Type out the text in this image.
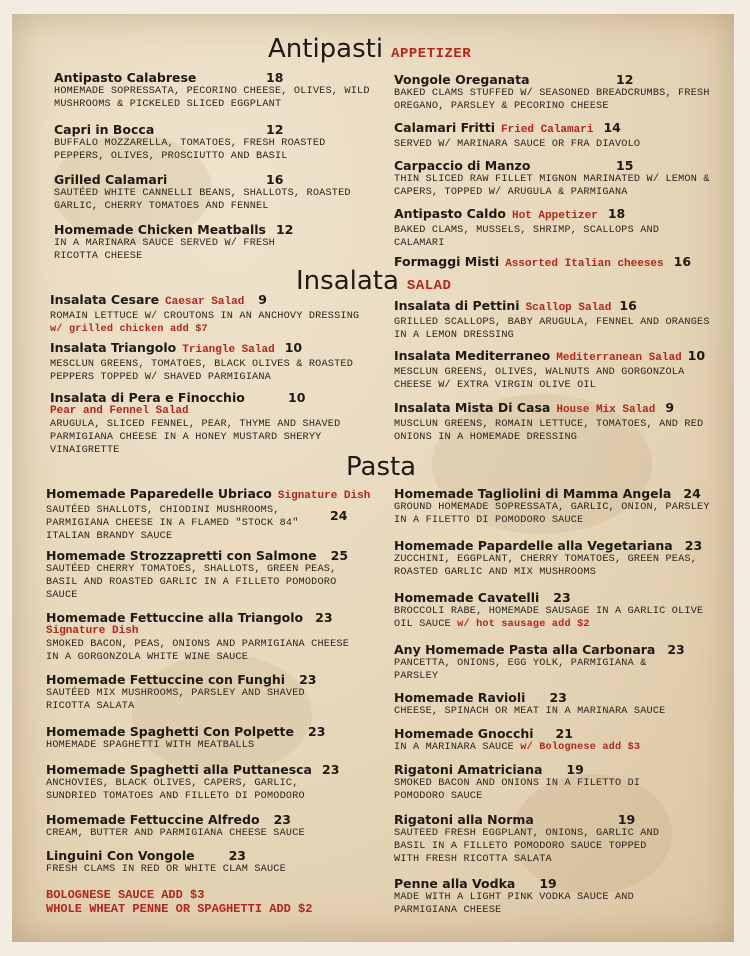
Antipasti APPETIZER
Antipasto Calabrese	18
HOMEMADE SOPRESSATA, PECORINO CHEESE, OLIVES, WILD MUSHROOMS & PICKELED SLICED EGGPLANT
Capri in Bocca	12
BUFFALO MOZZARELLA, TOMATOES, FRESH ROASTED PEPPERS, OLIVES, PROSCIUTTO AND BASIL
Grilled Calamari	16
SAUTÉED WHITE CANNELLI BEANS, SHALLOTS, ROASTED GARLIC, CHERRY TOMATOES AND FENNEL
Homemade Chicken Meatballs 12
IN A MARINARA SAUCE SERVED W/ FRESH RICOTTA CHEESE
Vongole Oreganata	12
BAKED CLAMS STUFFED W/ SEASONED BREADCRUMBS, FRESH OREGANO, PARSLEY & PECORINO CHEESE
Calamari Fritti Fried Calamari 14
SERVED W/ MARINARA SAUCE OR FRA DIAVOLO
Carpaccio di Manzo	15
THIN SLICED RAW FILLET MIGNON MARINATED W/ LEMON & CAPERS, TOPPED W/ ARUGULA & PARMIGANA
Antipasto Caldo Hot Appetizer 18
BAKED CLAMS, MUSSELS, SHRIMP, SCALLOPS AND CALAMARI
Formaggi Misti Assorted Italian cheeses 16
Insalata SALAD
Insalata Cesare Caesar Salad 9
ROMAIN LETTUCE W/ CROUTONS IN AN ANCHOVY DRESSING w/ grilled chicken add $7
Insalata Triangolo Triangle Salad 10
MESCLUN GREENS, TOMATOES, BLACK OLIVES & ROASTED PEPPERS TOPPED W/ SHAVED PARMIGIANA
Insalata di Pera e Finocchio	10
Pear and Fennel Salad
ARUGULA, SLICED FENNEL, PEAR, THYME AND SHAVED PARMIGIANA CHEESE IN A HONEY MUSTARD SHERYY VINAIGRETTE
Insalata di Pettini Scallop Salad 16
GRILLED SCALLOPS, BABY ARUGULA, FENNEL AND ORANGES IN A LEMON DRESSING
Insalata Mediterraneo Mediterranean Salad 10
MESCLUN GREENS, OLIVES, WALNUTS AND GORGONZOLA CHEESE W/ EXTRA VIRGIN OLIVE OIL
Insalata Mista Di Casa House Mix Salad 9
MUSCLUN GREENS, ROMAIN LETTUCE, TOMATOES, AND RED ONIONS IN A HOMEMADE DRESSING
Pasta
Homemade Paparedelle Ubriaco Signature Dish
SAUTÉED SHALLOTS, CHIODINI MUSHROOMS, PARMIGIANA CHEESE IN A FLAMED "STOCK 84" ITALIAN BRANDY SAUCE
24
Homemade Strozzapretti con Salmone 25
SAUTÉED CHERRY TOMATOES, SHALLOTS, GREEN PEAS, BASIL AND ROASTED GARLIC IN A FILLETO POMODORO SAUCE
Homemade Fettuccine alla Triangolo 23
Signature Dish
SMOKED BACON, PEAS, ONIONS AND PARMIGIANA CHEESE IN A GORGONZOLA WHITE WINE SAUCE
Homemade Fettuccine con Funghi 23
SAUTÉED MIX MUSHROOMS, PARSLEY AND SHAVED RICOTTA SALATA
Homemade Spaghetti Con Polpette 23
HOMEMADE SPAGHETTI WITH MEATBALLS
Homemade Spaghetti alla Puttanesca 23
ANCHOVIES, BLACK OLIVES, CAPERS, GARLIC, SUNDRIED TOMATOES AND FILLETO DI POMODORO
Homemade Fettuccine Alfredo 23
CREAM, BUTTER AND PARMIGIANA CHEESE SAUCE
Linguini Con Vongole	23
FRESH CLAMS IN RED OR WHITE CLAM SAUCE
Homemade Tagliolini di Mamma Angela 24
GROUND HOMEMADE SOPRESSATA, GARLIC, ONION, PARSLEY IN A FILETTO DI POMODORO SAUCE
Homemade Papardelle alla Vegetariana 23
ZUCCHINI, EGGPLANT, CHERRY TOMATOES, GREEN PEAS, ROASTED GARLIC AND MIX MUSHROOMS
Homemade Cavatelli 23
BROCCOLI RABE, HOMEMADE SAUSAGE IN A GARLIC OLIVE OIL SAUCE w/ hot sausage add $2
Any Homemade Pasta alla Carbonara 23
PANCETTA, ONIONS, EGG YOLK, PARMIGIANA & PARSLEY
Homemade Ravioli 23
CHEESE, SPINACH OR MEAT IN A MARINARA SAUCE
Homemade Gnocchi 21
IN A MARINARA SAUCE w/ Bolognese add $3
Rigatoni Amatriciana 19
SMOKED BACON AND ONIONS IN A FILETTO DI POMODORO SAUCE
Rigatoni alla Norma	19
SAUTEED FRESH EGGPLANT, ONIONS, GARLIC AND BASIL IN A FILLETO POMODORO SAUCE TOPPED WITH FRESH RICOTTA SALATA
Penne alla Vodka 19
MADE WITH A LIGHT PINK VODKA SAUCE AND PARMIGIANA CHEESE
BOLOGNESE SAUCE ADD $3
WHOLE WHEAT PENNE OR SPAGHETTI ADD $2
